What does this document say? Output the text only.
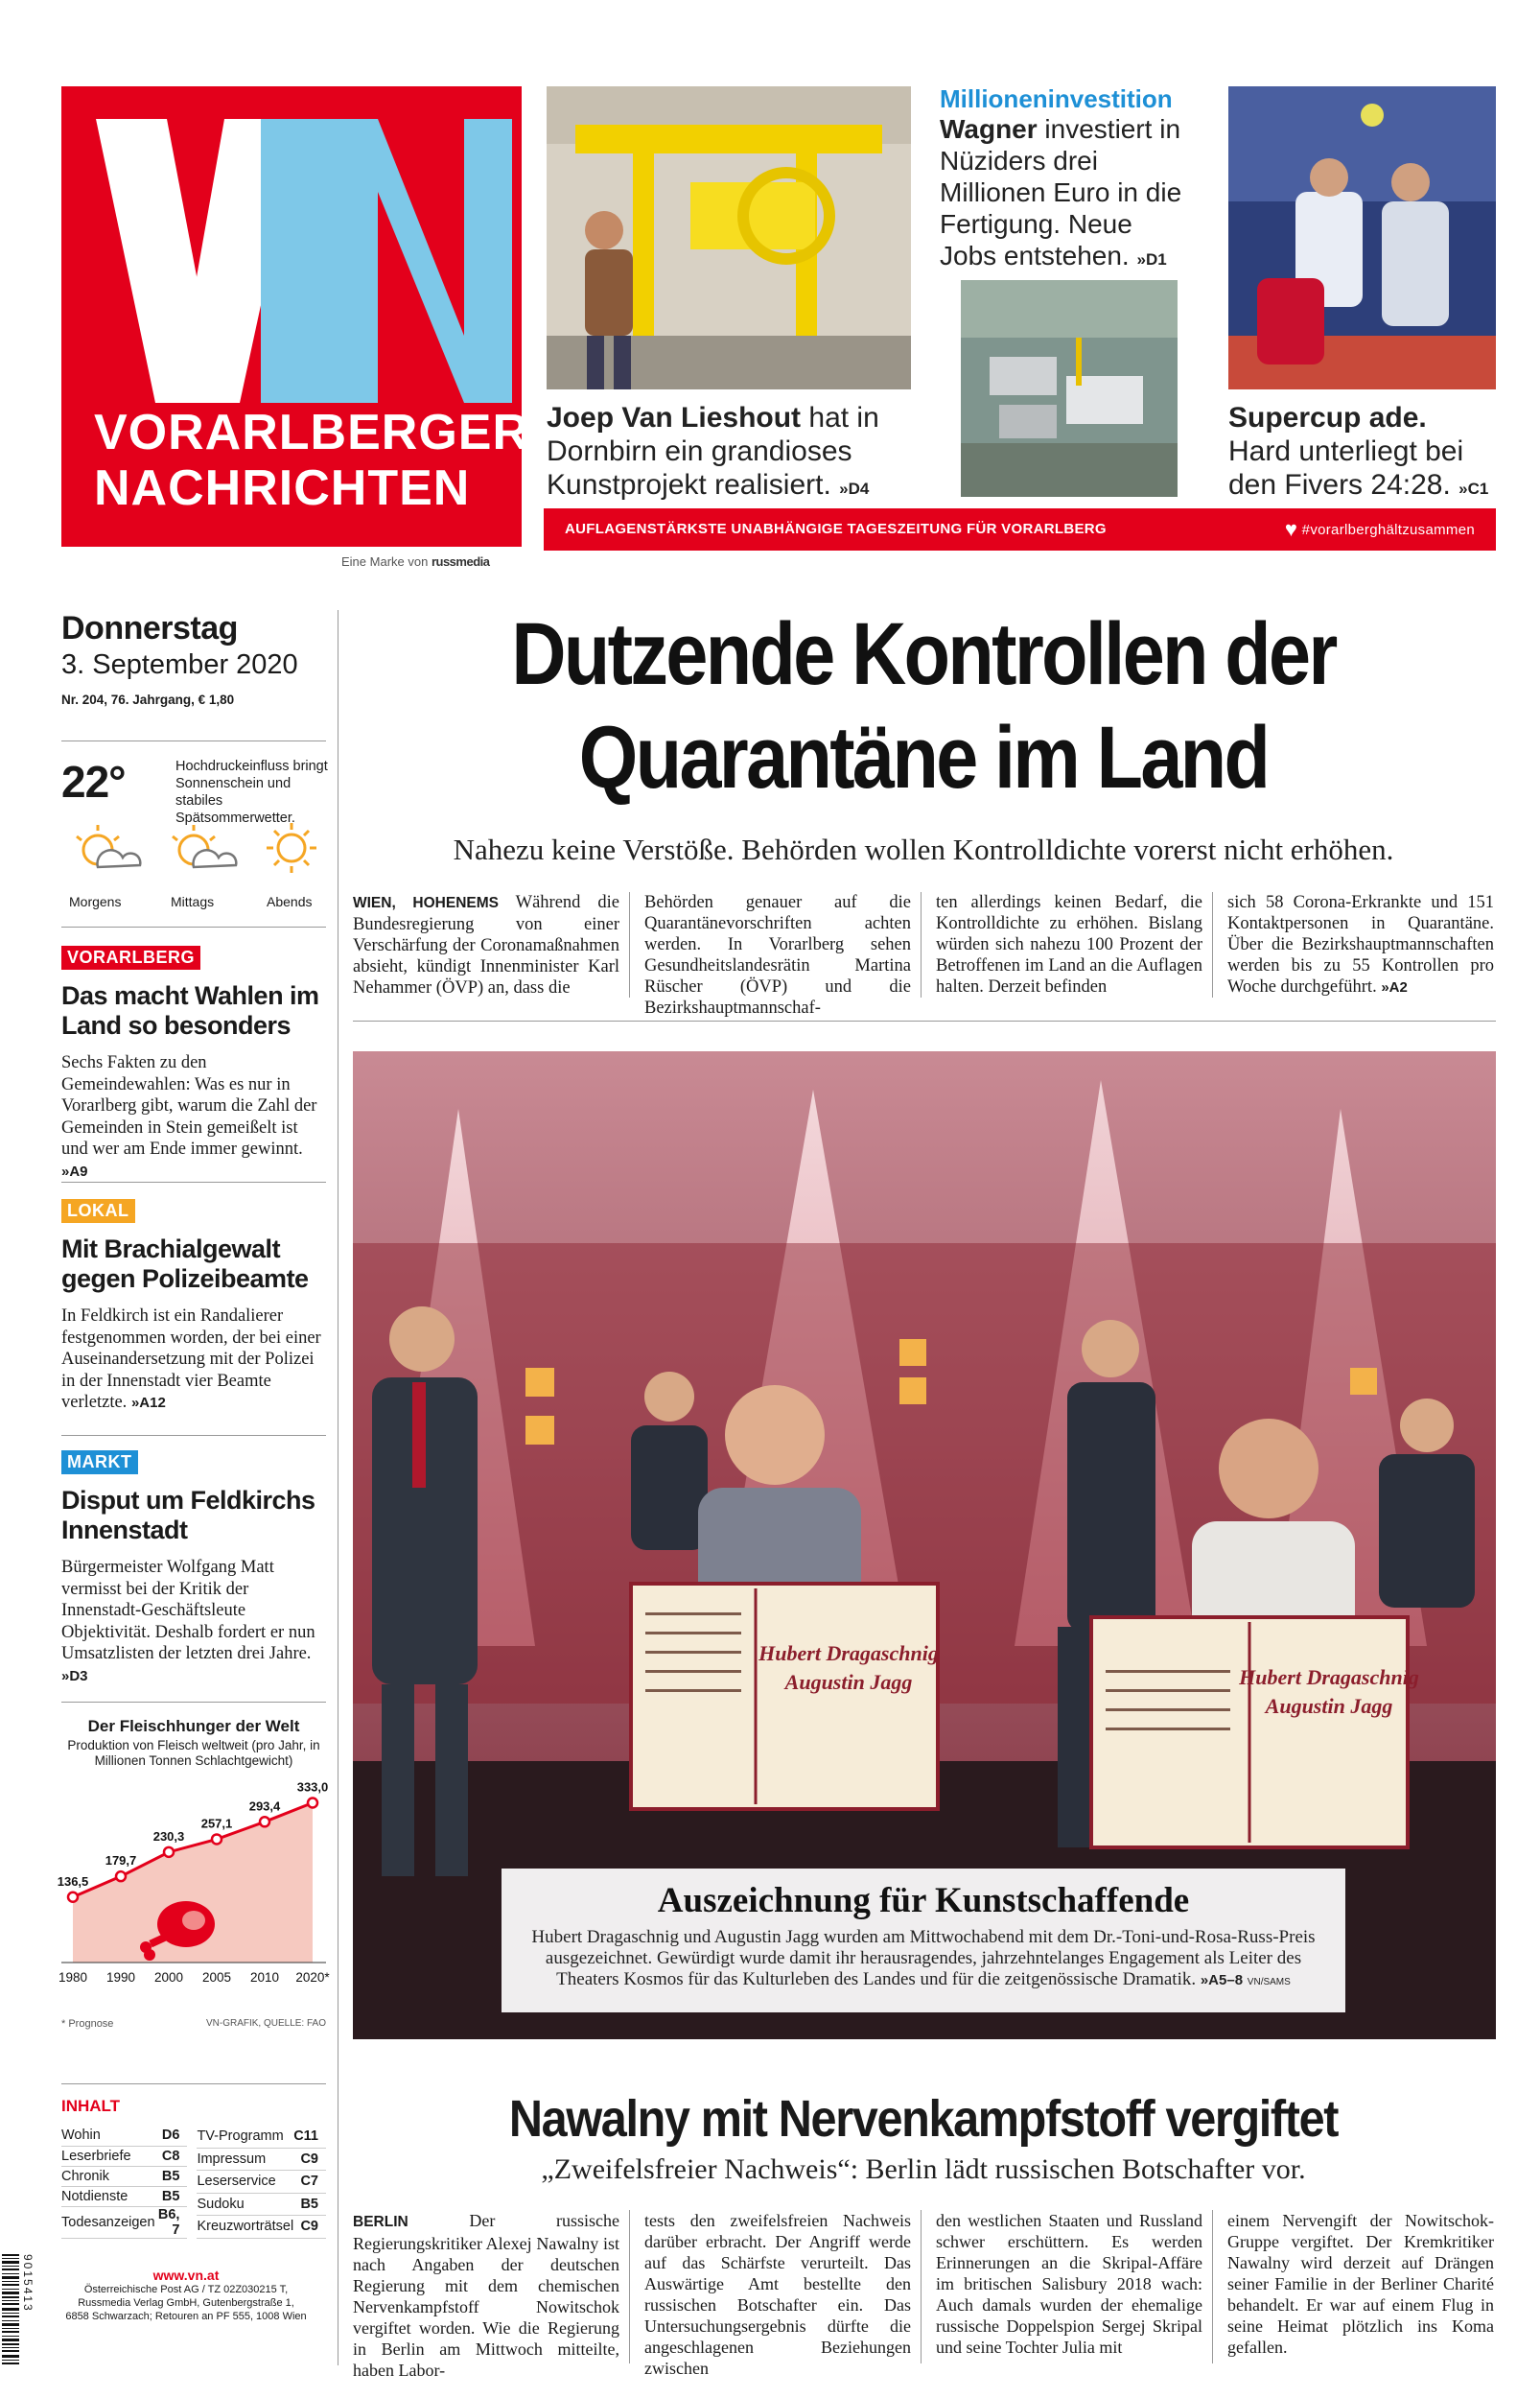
VORARLBERGER
NACHRICHTEN
Eine Marke von russmedia
Joep Van Lieshout hat in Dornbirn ein grandioses Kunstprojekt realisiert. »D4
Millioneninvestition
Wagner investiert in Nüziders drei Millionen Euro in die Fertigung. Neue Jobs entstehen. »D1
Supercup ade. Hard unterliegt bei den Fivers 24:28. »C1
AUFLAGENSTÄRKSTE UNABHÄNGIGE TAGESZEITUNG FÜR VORARLBERG	♥ #vorarlberghältzusammen
Donnerstag
3. September 2020
Nr. 204, 76. Jahrgang, € 1,80
22°	Hochdruckeinfluss bringt Sonnenschein und stabiles Spätsommerwetter.
Morgens	Mittags	Abends
VORARLBERG
Das macht Wahlen im Land so besonders
Sechs Fakten zu den Gemeindewahlen: Was es nur in Vorarlberg gibt, warum die Zahl der Gemeinden in Stein gemeißelt ist und wer am Ende immer gewinnt. »A9
LOKAL
Mit Brachialgewalt gegen Polizeibeamte
In Feldkirch ist ein Randalierer festgenommen worden, der bei einer Auseinandersetzung mit der Polizei in der Innenstadt vier Beamte verletzte. »A12
MARKT
Disput um Feldkirchs Innenstadt
Bürgermeister Wolfgang Matt vermisst bei der Kritik der Innenstadt-Geschäftsleute Objektivität. Deshalb fordert er nun Umsatzlisten der letzten drei Jahre. »D3
Der Fleischhunger der Welt
Produktion von Fleisch weltweit (pro Jahr, in Millionen Tonnen Schlachtgewicht)
136,5
1980
179,7
1990
230,3
2000
257,1
2005
293,4
2010
333,0
2020*
* Prognose	VN-GRAFIK, QUELLE: FAO
INHALT
Wohin	D6
Leserbriefe	C8
Chronik	B5
Notdienste	B5
Todesanzeigen	B6, 7
TV-Programm	C11
Impressum	C9
Leserservice	C7
Sudoku	B5
Kreuzworträtsel	C9
9015413	www.vn.at
Österreichische Post AG / TZ 02Z030215 T,
Russmedia Verlag GmbH, Gutenbergstraße 1,
6858 Schwarzach; Retouren an PF 555, 1008 Wien
Dutzende Kontrollen der
Quarantäne im Land
Nahezu keine Verstöße. Behörden wollen Kontrolldichte vorerst nicht erhöhen.
WIEN, HOHENEMS Während die Bundesregierung von einer Verschärfung der Coronamaßnahmen absieht, kündigt Innenminister Karl Nehammer (ÖVP) an, dass die
Behörden genauer auf die Quarantänevorschriften achten werden. In Vorarlberg sehen Gesundheitslandesrätin Martina Rüscher (ÖVP) und die Bezirkshauptmannschaf-
ten allerdings keinen Bedarf, die Kontrolldichte zu erhöhen. Bislang würden sich nahezu 100 Prozent der Betroffenen im Land an die Auflagen halten. Derzeit befinden
sich 58 Corona-Erkrankte und 151 Kontaktpersonen in Quarantäne. Über die Bezirkshauptmannschaften werden bis zu 55 Kontrollen pro Woche durchgeführt. »A2
Hubert Dragaschnig
Augustin Jagg	Hubert Dragaschnig
Augustin Jagg
Auszeichnung für Kunstschaffende

Hubert Dragaschnig und Augustin Jagg wurden am Mittwochabend mit dem Dr.-Toni-und-Rosa-Russ-Preis ausgezeichnet. Gewürdigt wurde damit ihr herausragendes, jahrzehntelanges Engagement als Leiter des Theaters Kosmos für das Kulturleben des Landes und für die zeitgenössische Dramatik. »A5–8 VN/SAMS

Nawalny mit Nervenkampfstoff vergiftet
„Zweifelsfreier Nachweis“: Berlin lädt russischen Botschafter vor.
BERLIN Der russische Regierungskritiker Alexej Nawalny ist nach Angaben der deutschen Regierung mit dem chemischen Nervenkampfstoff Nowitschok vergiftet worden. Wie die Regierung in Berlin am Mittwoch mitteilte, haben Labor-
tests den zweifelsfreien Nachweis darüber erbracht. Der Angriff werde auf das Schärfste verurteilt. Das Auswärtige Amt bestellte den russischen Botschafter ein. Das Untersuchungsergebnis dürfte die angeschlagenen Beziehungen zwischen
den westlichen Staaten und Russland schwer erschüttern. Es werden Erinnerungen an die Skripal-Affäre im britischen Salisbury 2018 wach: Auch damals wurden der ehemalige russische Doppelspion Sergej Skripal und seine Tochter Julia mit
einem Nervengift der Nowitschok-Gruppe vergiftet. Der Kremkritiker Nawalny wird derzeit auf Drängen seiner Familie in der Berliner Charité behandelt. Er war auf einem Flug in seine Heimat plötzlich ins Koma gefallen.
